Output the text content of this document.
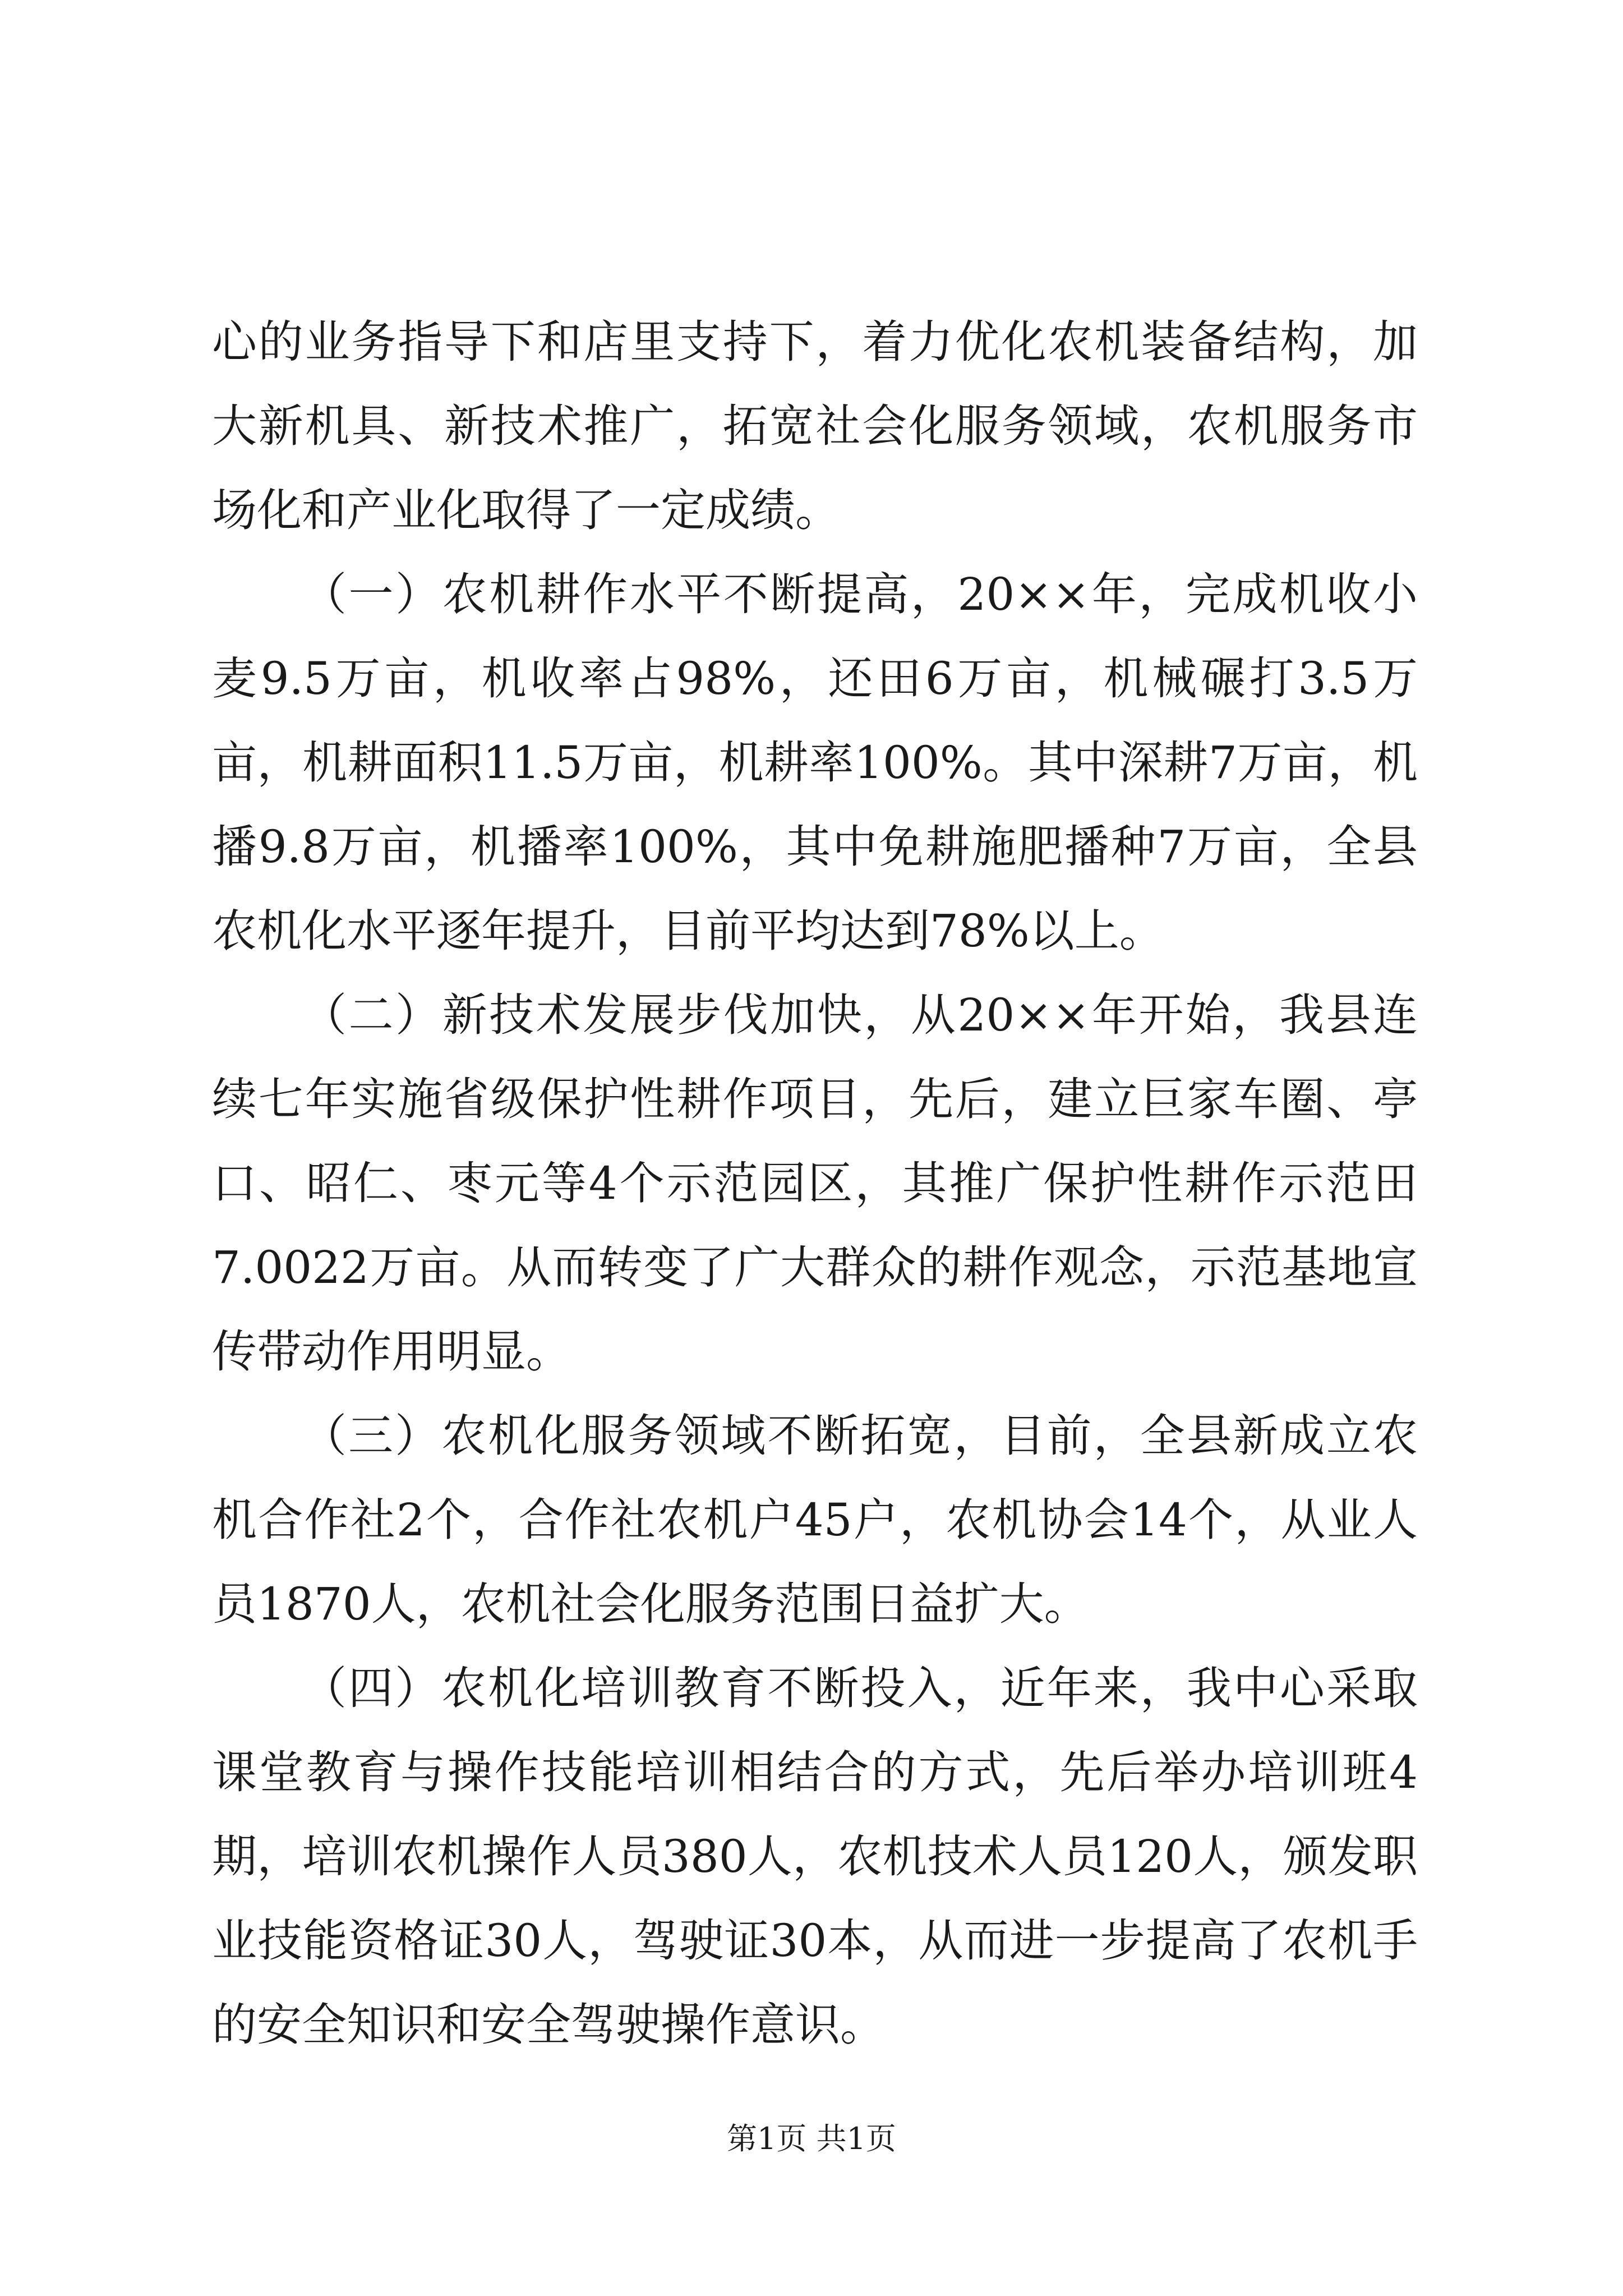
心的业务指导下和店里支持下，着力优化农机装备结构，加大新机具、新技术推广，拓宽社会化服务领域，农机服务市场化和产业化取得了一定成绩。

（一）农机耕作水平不断提高，20××年，完成机收小麦9.5万亩，机收率占98%，还田6万亩，机械碾打3.5万亩，机耕面积11.5万亩，机耕率100%。其中深耕7万亩，机播9.8万亩，机播率100%，其中免耕施肥播种7万亩，全县农机化水平逐年提升，目前平均达到78%以上。

（二）新技术发展步伐加快，从20××年开始，我县连续七年实施省级保护性耕作项目，先后，建立巨家车圈、亭口、昭仁、枣元等4个示范园区，其推广保护性耕作示范田7.0022万亩。从而转变了广大群众的耕作观念，示范基地宣传带动作用明显。

（三）农机化服务领域不断拓宽，目前，全县新成立农机合作社2个，合作社农机户45户，农机协会14个，从业人员1870人，农机社会化服务范围日益扩大。

（四）农机化培训教育不断投入，近年来，我中心采取课堂教育与操作技能培训相结合的方式，先后举办培训班4期，培训农机操作人员380人，农机技术人员120人，颁发职业技能资格证30人，驾驶证30本，从而进一步提高了农机手的安全知识和安全驾驶操作意识。

第1页 共1页
